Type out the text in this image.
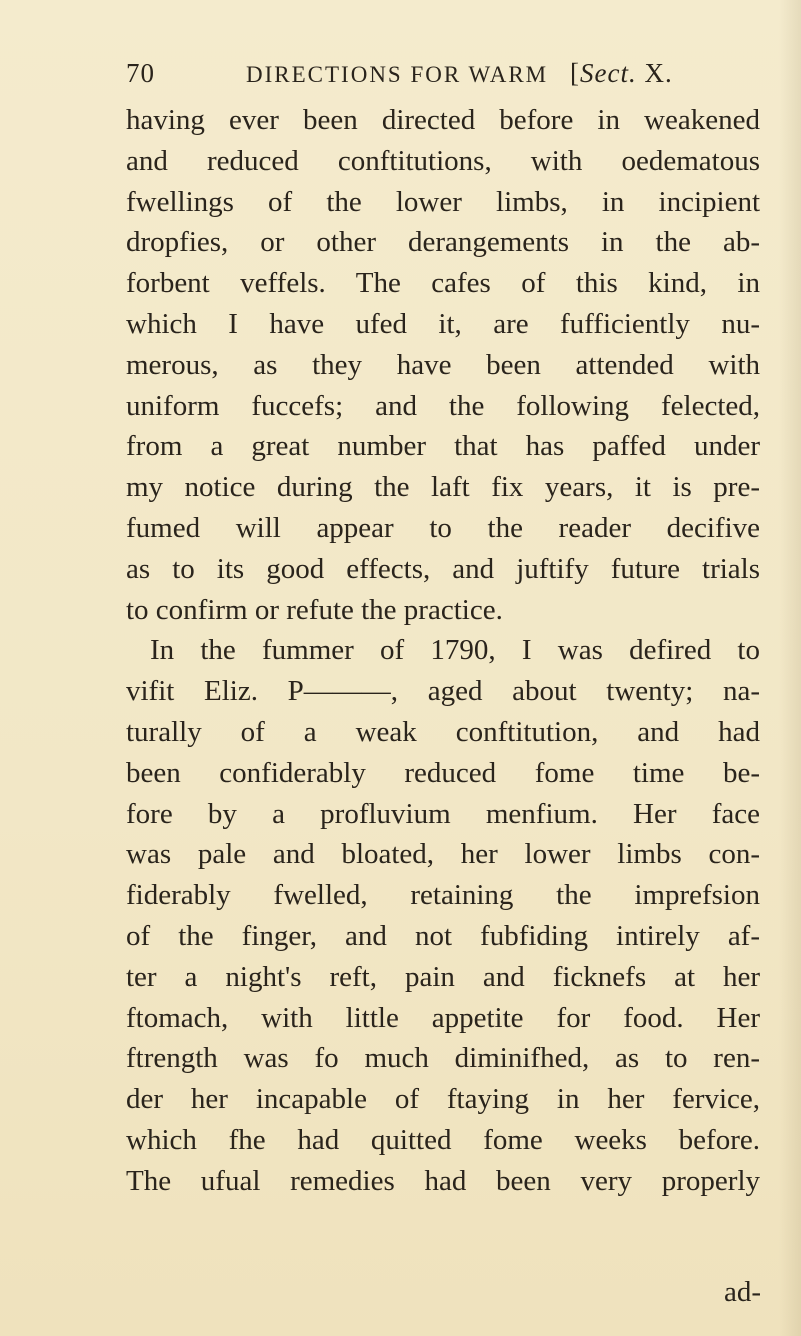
70	DIRECTIONS FOR WARM [Sect. X.
having ever been directed before in weakened
and reduced conftitutions, with oedematous
fwellings of the lower limbs, in incipient
dropfies, or other derangements in the ab-
forbent veffels. The cafes of this kind, in
which I have ufed it, are fufficiently nu-
merous, as they have been attended with
uniform fuccefs; and the following felected,
from a great number that has paffed under
my notice during the laft fix years, it is pre-
fumed will appear to the reader decifive
as to its good effects, and juftify future trials
to confirm or refute the practice.
In the fummer of 1790, I was defired to
vifit Eliz. P———, aged about twenty; na-
turally of a weak conftitution, and had
been confiderably reduced fome time be-
fore by a profluvium menfium. Her face
was pale and bloated, her lower limbs con-
fiderably fwelled, retaining the imprefsion
of the finger, and not fubfiding intirely af-
ter a night's reft, pain and ficknefs at her
ftomach, with little appetite for food. Her
ftrength was fo much diminifhed, as to ren-
der her incapable of ftaying in her fervice,
which fhe had quitted fome weeks before.
The ufual remedies had been very properly
ad-
